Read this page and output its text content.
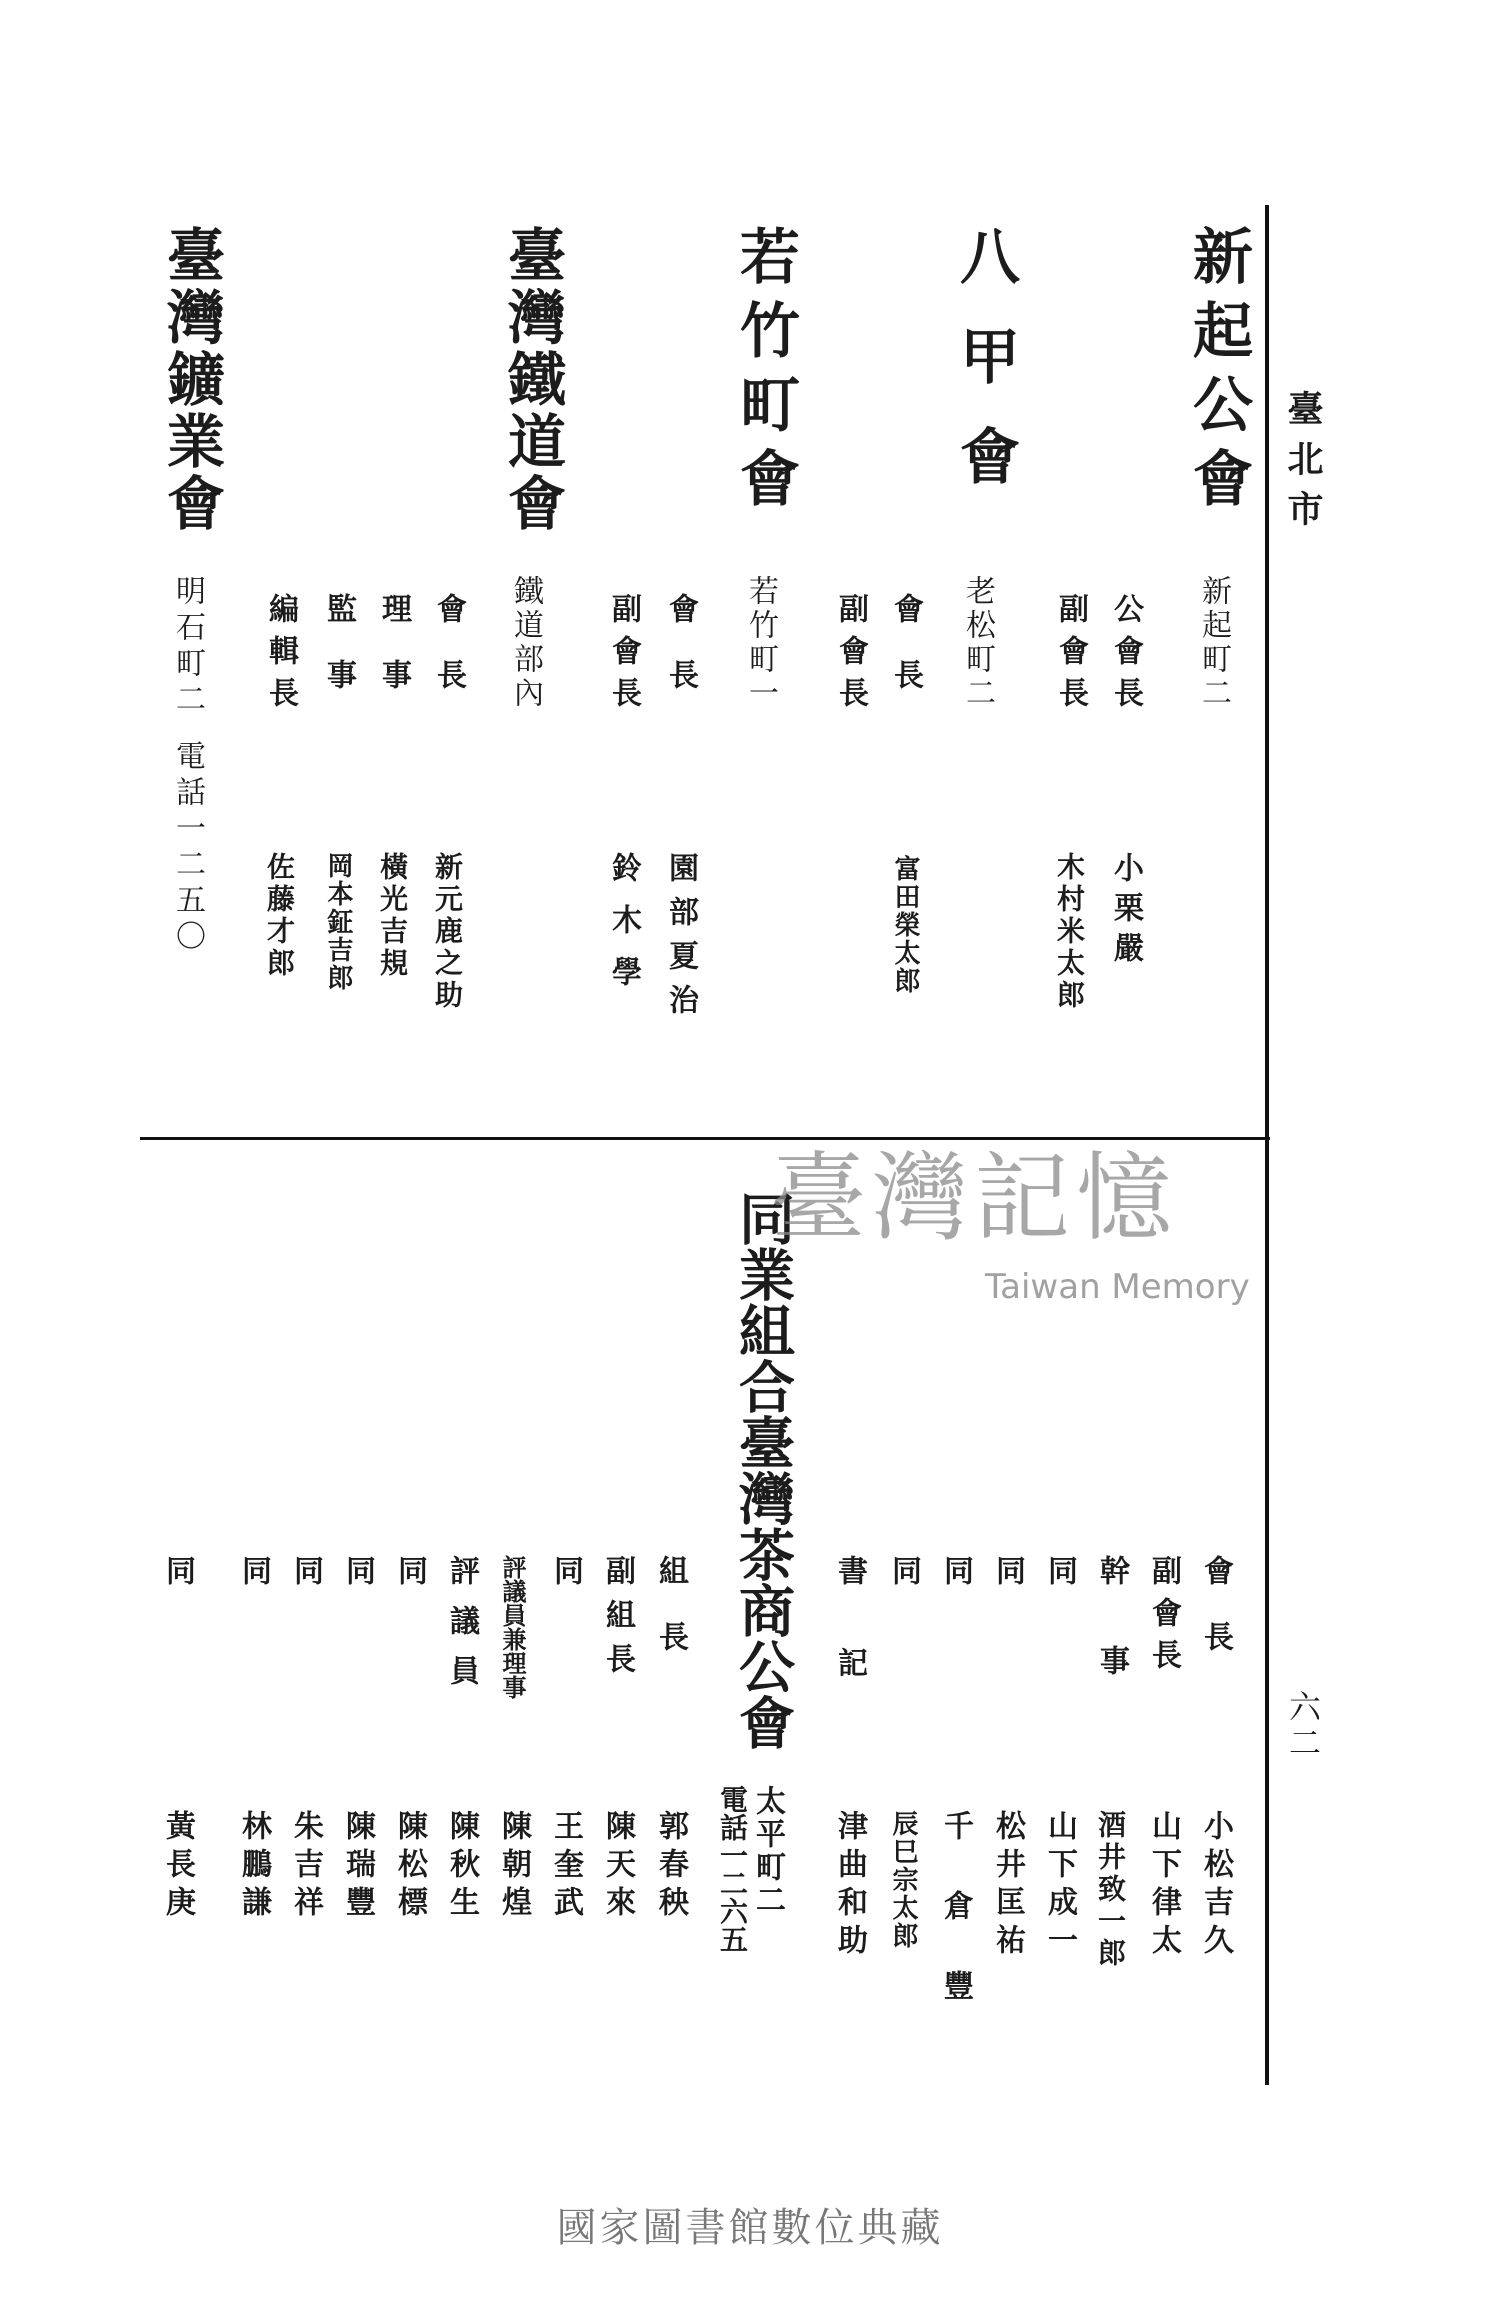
臺北市
六二
新起公會
新起町二
公會長
小栗嚴
副會長
木村米太郎
八甲會
老松町二
會長
富田榮太郎
副會長
若竹町會
若竹町一
會長
園部夏治
副會長
鈴木學
臺灣鐵道會
鐵道部內
會長
新元鹿之助
理事
橫光吉規
監事
岡本鉦吉郎
編輯長
佐藤才郎
臺灣鑛業會
明石町二
電話一二五〇
同業組合臺灣茶商公會
太平町二
電話一二六五
會長
小松吉久
副會長
山下律太
幹事
酒井致一郎
同
山下成一
同
松井匡祐
同
千倉豐
同
辰巳宗太郎
書記
津曲和助
組長
郭春秧
副組長
陳天來
同
王奎武
評議員兼理事
陳朝煌
評議員
陳秋生
同
陳松標
同
陳瑞豐
同
朱吉祥
同
林鵬謙
同
黃長庚
臺灣記憶
Taiwan Memory
國家圖書館數位典藏
